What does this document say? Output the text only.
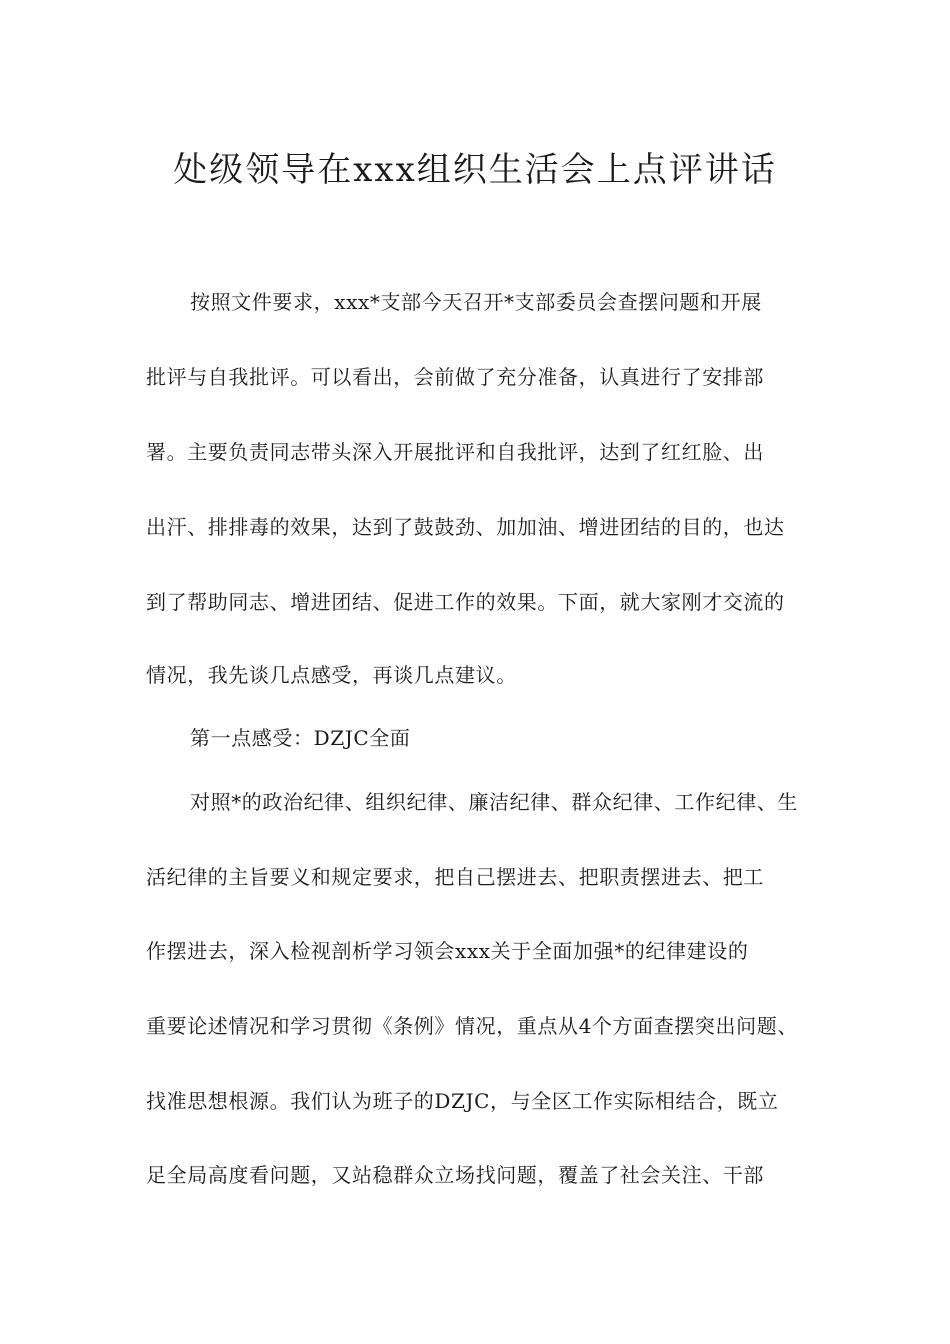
处级领导在xxx组织生活会上点评讲话
按照文件要求，xxx*支部今天召开*支部委员会查摆问题和开展
批评与自我批评。可以看出，会前做了充分准备，认真进行了安排部
署。主要负责同志带头深入开展批评和自我批评，达到了红红脸、出
出汗、排排毒的效果，达到了鼓鼓劲、加加油、增进团结的目的，也达
到了帮助同志、增进团结、促进工作的效果。下面，就大家刚才交流的
情况，我先谈几点感受，再谈几点建议。
第一点感受：DZJC全面
对照*的政治纪律、组织纪律、廉洁纪律、群众纪律、工作纪律、生
活纪律的主旨要义和规定要求，把自己摆进去、把职责摆进去、把工
作摆进去，深入检视剖析学习领会xxx关于全面加强*的纪律建设的
重要论述情况和学习贯彻《条例》情况，重点从4个方面查摆突出问题、
找准思想根源。我们认为班子的DZJC，与全区工作实际相结合，既立
足全局高度看问题，又站稳群众立场找问题，覆盖了社会关注、干部
